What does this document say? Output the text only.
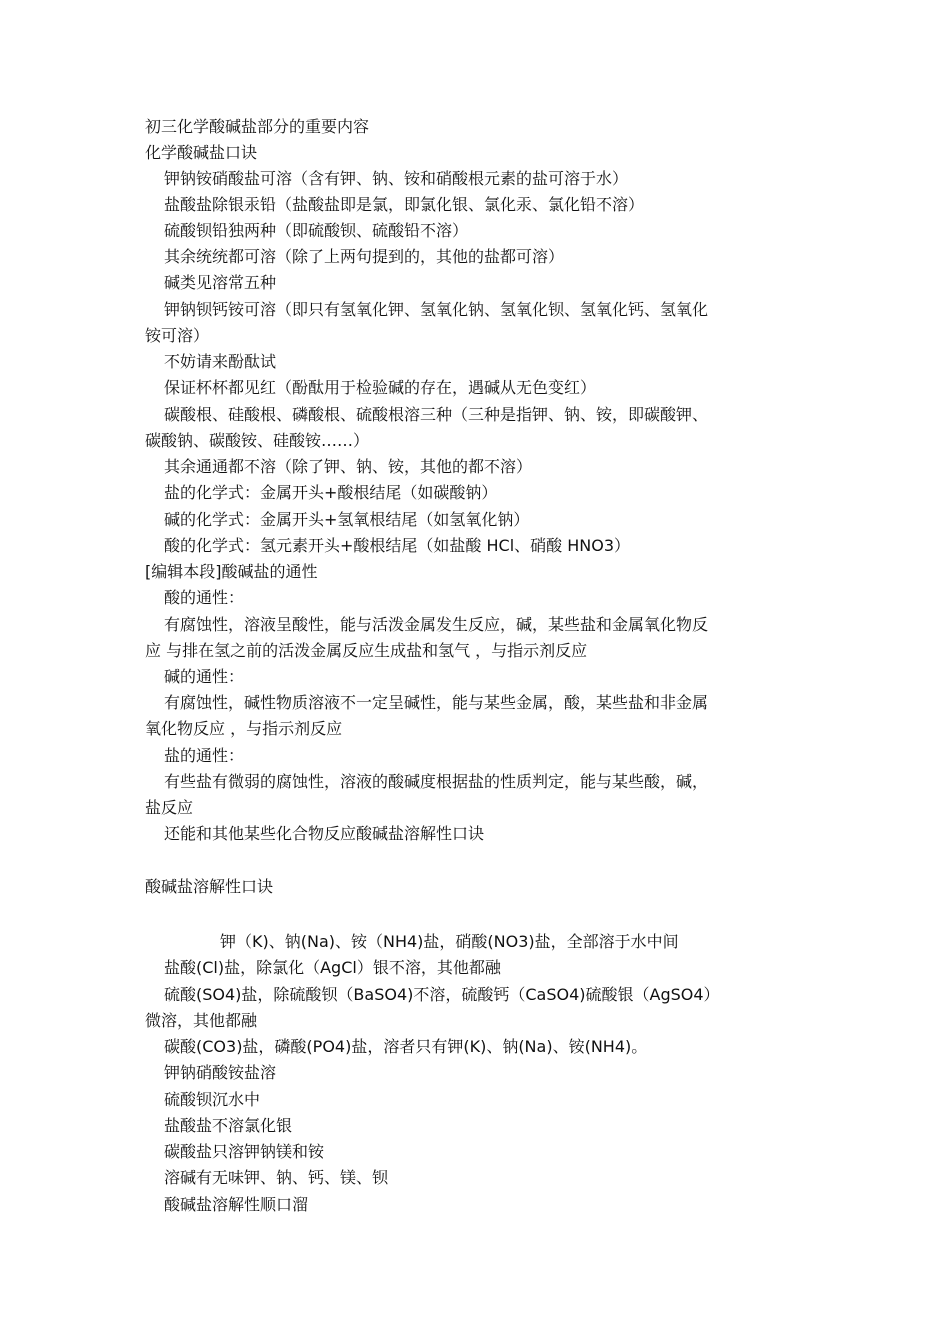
初三化学酸碱盐部分的重要内容
化学酸碱盐口诀
钾钠铵硝酸盐可溶（含有钾、钠、铵和硝酸根元素的盐可溶于水）
盐酸盐除银汞铅（盐酸盐即是氯，即氯化银、氯化汞、氯化铅不溶）
硫酸钡铅独两种（即硫酸钡、硫酸铅不溶）
其余统统都可溶（除了上两句提到的，其他的盐都可溶）
碱类见溶常五种
钾钠钡钙铵可溶（即只有氢氧化钾、氢氧化钠、氢氧化钡、氢氧化钙、氢氧化
铵可溶）
不妨请来酚酞试
保证杯杯都见红（酚酞用于检验碱的存在，遇碱从无色变红）
碳酸根、硅酸根、磷酸根、硫酸根溶三种（三种是指钾、钠、铵，即碳酸钾、
碳酸钠、碳酸铵、硅酸铵……）
其余通通都不溶（除了钾、钠、铵，其他的都不溶）
盐的化学式：金属开头+酸根结尾（如碳酸钠）
碱的化学式：金属开头+氢氧根结尾（如氢氧化钠）
酸的化学式：氢元素开头+酸根结尾（如盐酸 HCl、硝酸 HNO3）
[编辑本段]酸碱盐的通性
酸的通性：
有腐蚀性，溶液呈酸性，能与活泼金属发生反应，碱，某些盐和金属氧化物反
应 与排在氢之前的活泼金属反应生成盐和氢气 ，与指示剂反应
碱的通性：
有腐蚀性，碱性物质溶液不一定呈碱性，能与某些金属，酸，某些盐和非金属
氧化物反应 ，与指示剂反应
盐的通性：
有些盐有微弱的腐蚀性，溶液的酸碱度根据盐的性质判定，能与某些酸，碱，
盐反应
还能和其他某些化合物反应酸碱盐溶解性口诀
酸碱盐溶解性口诀
钾（K)、钠(Na)、铵（NH4)盐，硝酸(NO3)盐，全部溶于水中间
盐酸(Cl)盐，除氯化（AgCl）银不溶，其他都融
硫酸(SO4)盐，除硫酸钡（BaSO4)不溶，硫酸钙（CaSO4)硫酸银（AgSO4）
微溶，其他都融
碳酸(CO3)盐，磷酸(PO4)盐，溶者只有钾(K)、钠(Na)、铵(NH4)。
钾钠硝酸铵盐溶
硫酸钡沉水中
盐酸盐不溶氯化银
碳酸盐只溶钾钠镁和铵
溶碱有无味钾、钠、钙、镁、钡
酸碱盐溶解性顺口溜
